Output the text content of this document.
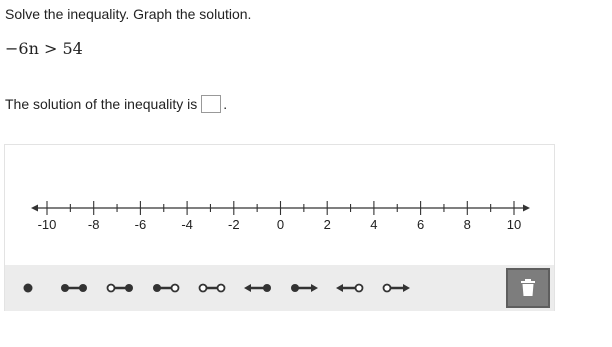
Solve the inequality. Graph the solution.
−6n > 54
The solution of the inequality is .
-10 -8	-6	-4	-2	0	2	4	6	8	10
